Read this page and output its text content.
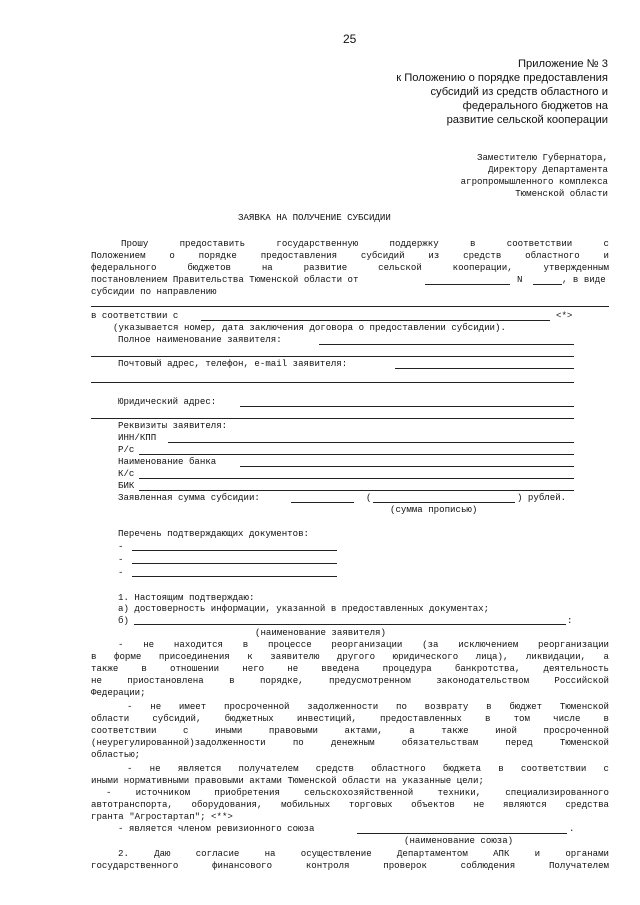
25
Приложение № 3
к Положению о порядке предоставления
субсидий из средств областного и
федерального бюджетов на
развитие сельской кооперации
Заместителю Губернатора,
Директору Департамента
агропромышленного комплекса
Тюменской области
ЗАЯВКА НА ПОЛУЧЕНИЕ СУБСИДИИ
Прошу предоставить государственную поддержку в соответствии с
Положением о порядке предоставления субсидий из средств областного и
федерального бюджетов на развитие сельской кооперации, утвержденным
постановлением Правительства Тюменской области от	N	, в виде
субсидии по направлению
в соответствии с	<*>
(указывается номер, дата заключения договора о предоставлении субсидии).
Полное наименование заявителя:
Почтовый адрес, телефон, e-mail заявителя:
Юридический адрес:
Реквизиты заявителя:
ИНН/КПП
Р/с
Наименование банка
К/с
БИК
Заявленная сумма субсидии:	(	) рублей.
(сумма прописью)
Перечень подтверждающих документов:
-
-
-
1. Настоящим подтверждаю:
а) достоверность информации, указанной в предоставленных документах;
б)	:
(наименование заявителя)
- не находится в процессе реорганизации (за исключением реорганизации
в форме присоединения к заявителю другого юридического лица), ликвидации, а
также в отношении него не введена процедура банкротства, деятельность
не приостановлена в порядке, предусмотренном законодательством Российской
Федерации;
- не имеет просроченной задолженности по возврату в бюджет Тюменской
области субсидий, бюджетных инвестиций, предоставленных в том числе в
соответствии с иными правовыми актами, а также иной просроченной
(неурегулированной)задолженности по денежным обязательствам перед Тюменской
областью;
- не является получателем средств областного бюджета в соответствии с
иными нормативными правовыми актами Тюменской области на указанные цели;
- источником приобретения сельскохозяйственной техники, специализированного
автотранспорта, оборудования, мобильных торговых объектов не являются средства
гранта "Агростартап"; <**>
- является членом ревизионного союза	.
(наименование союза)
2. Даю согласие на осуществление Департаментом АПК и органами
государственного финансового контроля проверок соблюдения Получателем
